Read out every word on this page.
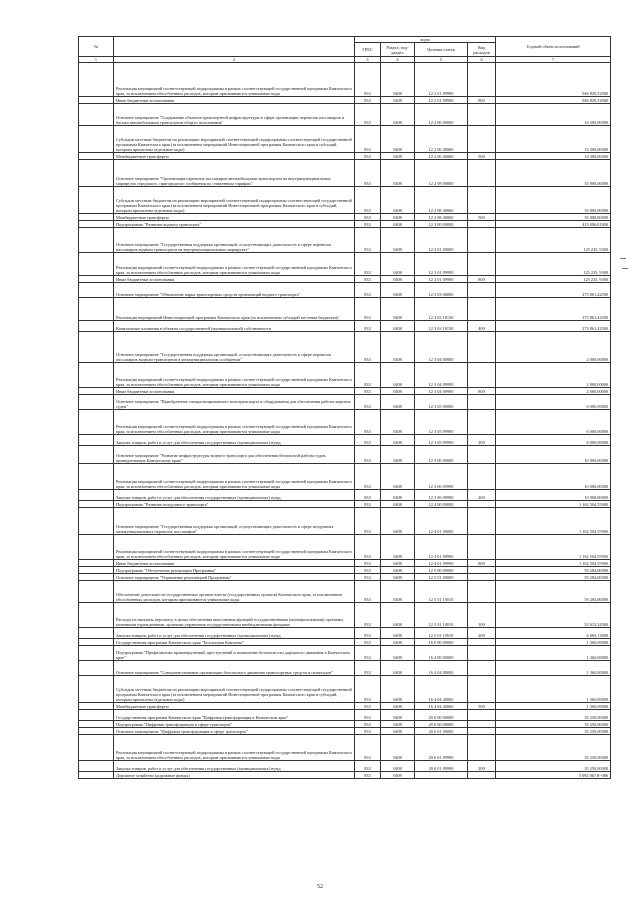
№		коды				Годовой объем ассигнований
		ГРБС	Раздел, под-раздел	Целевая статья	Вид расходов	
1	2	3	4	5	6	7
	Реализация мероприятий соответствующей подпрограммы в рамках соответствующей государственной программы Камчатского края, за исключением обособленных расходов, которым присваиваются уникальные коды	833	0408	12 2 01 09990		946 829,52900
	Иные бюджетные ассигнования	833	0408	12 2 01 09990	800	946 829,52900
	Основное мероприятие "Содержание объектов транспортной инфраструктуры в сфере организации перевозок пассажиров и багажа автомобильным транспортом общего пользования"	833	0408	12 2 06 00000		14 300,00000
	Субсидии местным бюджетам на реализацию мероприятий соответствующей подпрограммы соответствующей государственной программы Камчатского края (за исключением мероприятий Инвестиционной программы Камчатского края и субсидий, которым присвоены отдельные коды)	833	0408	12 2 06 40060		14 300,00000
	Межбюджетные трансферты	833	0408	12 2 06 40060	500	14 300,00000
	Основное мероприятие "Организация перевозок пассажиров автомобильным транспортом на внутримуниципальных маршрутах городского, пригородного сообщения по сниженным тарифам"	833	0408	12 2 08 00000		35 000,00000
	Субсидии местным бюджетам на реализацию мероприятий соответствующей подпрограммы соответствующей государственной программы Камчатского края (за исключением мероприятий Инвестиционной программы Камчатского края и субсидий, которым присвоены отдельные коды)	833	0408	12 2 08 40060		35 000,00000
	Межбюджетные трансферты	833	0408	12 2 08 40060	500	35 000,00000
	Подпрограмма "Развитие водного транспорта"	833	0408	12 3 00 00000		419 096,81800
	Основное мероприятие "Государственная поддержка организаций, осуществляющих деятельность в сфере перевозок пассажиров водным транспортом на внутримуниципальных маршрутах"	833	0408	12 3 01 00000		125 235, 9300
	Реализация мероприятий соответствующей подпрограммы в рамках соответствующей государственной программы Камчатского края, за исключением обособленных расходов, которым присваиваются уникальные коды	833	0408	12 3 01 09990		125 235, 9300
	Иные бюджетные ассигнования	833	0408	12 3 01 09990	800	125 235, 9300
	Основное мероприятие "Обновление парка транспортных средств организаций водного транспорта"	833	0408	12 3 03 00000		273 861,42500
	Реализация мероприятий Инвестиционной программы Камчатского края (за исключением субсидий местным бюджетам)	833	0408	12 3 03 10130		273 861,42500
	Капитальные вложения в объекты государственной (муниципальной) собственности	833	0408	12 3 03 10130	400	273 861,42500
	Основное мероприятие "Государственная поддержка организаций, осуществляющих деятельность в сфере перевозок пассажиров водным транспортом в межмуниципальном сообщении"	833	0408	12 3 04 00000		2 000,00000
	Реализация мероприятий соответствующей подпрограммы в рамках соответствующей государственной программы Камчатского края, за исключением обособленных расходов, которым присваиваются уникальные коды	833	0408	12 3 04 09990		2 000,00000
	Иные бюджетные ассигнования	833	0408	12 3 04 09990	800	2 000,00000
	Основное мероприятие "Приобретение специализированного мототранспорта и оборудования для обеспечения работы морских судов"	833	0408	12 3 05 00000		6 000,00000
	Реализация мероприятий соответствующей подпрограммы в рамках соответствующей государственной программы Камчатского края, за исключением обособленных расходов, которым присваиваются уникальные коды	833	0408	12 3 05 09990		6 000,00000
	Закупка товаров, работ и услуг для обеспечения государственных (муниципальных) нужд	833	0408	12 3 05 09990	200	6 000,00000
	Основное мероприятие "Развитие инфраструктуры водного транспорта для обеспечения безопасной работы судов, принадлежащих Камчатскому краю"	833	0408	12 3 06 00000		10 000,00000
	Реализация мероприятий соответствующей подпрограммы в рамках соответствующей государственной программы Камчатского края, за исключением обособленных расходов, которым присваиваются уникальные коды	833	0408	12 3 06 09990		10 000,00000
	Закупка товаров, работ и услуг для обеспечения государственных (муниципальных) нужд	833	0408	12 3 06 09990	200	10 000,00000
	Подпрограмма "Развитие воздушного транспорта"	833	0408	12 4 00 00000		1 162 504,55900
	Основное мероприятие "Государственная поддержка организаций, осуществляющих деятельность в сфере воздушных межмуниципальных перевозок пассажиров"	833	0408	12 4 01 00000		1 162 504,55900
	Реализация мероприятий соответствующей подпрограммы в рамках соответствующей государственной программы Камчатского края, за исключением обособленных расходов, которым присваиваются уникальные коды	833	0408	12 4 01 09990		1 162 504,55900
	Иные бюджетные ассигнования	833	0408	12 4 01 09990	800	1 162 504,55900
	Подпрограмма "Обеспечение реализации Программы"	833	0408	12 5 00 00000		59 284,00000
	Основное мероприятие "Управление реализацией Программы"	833	0408	12 5 01 00000		59 284,00000
	Обеспечение деятельности государственных органов власти (государственных органов) Камчатского края, за исключением обособленных расходов, которым присваиваются уникальные коды	833	0408	12 5 01 10010		59 284,00000
	Расходы на выплаты персоналу в целях обеспечения выполнения функций государственными (муниципальными) органами, казенными учреждениями, органами управления государственными внебюджетными фондами	833	0408	12 5 01 10010	100	52 615,32000
	Закупка товаров, работ и услуг для обеспечения государственных (муниципальных) нужд	833	0408	12 5 01 10010	200	6 669,13000
	Государственная программа Камчатского края "Безопасная Камчатка"	833	0408	16 0 00 00000		1 360,00000
	Подпрограмма "Профилактика правонарушений, преступлений и повышение безопасности дорожного движения в Камчатском крае"	833	0408	16 4 00 00000		1 360,00000
	Основное мероприятие "Совершенствование организации безопасного движения транспортных средств и пешеходов"	833	0408	16 4 04 00000		1 360,00000
	Субсидии местным бюджетам на реализацию мероприятий соответствующей подпрограммы соответствующей государственной программы Камчатского края (за исключением мероприятий Инвестиционной программы Камчатского края и субсидий, которым присвоены отдельные коды)	833	0408	16 4 04 40060		1 360,00000
	Межбюджетные трансферты	833	0408	16 4 04 40060	500	1 360,00000
	Государственная программа Камчатского края "Цифровая трансформация в Камчатском крае"	833	0408	20 0 00 00000		35 250,00000
	Подпрограмма "Цифровая трансформация в сфере транспорта"	833	0408	20 6 00 00000		35 250,00000
	Основное мероприятие "Цифровая трансформация в сфере транспорта"	833	0408	20 6 01 00000		35 250,00000
	Реализация мероприятий соответствующей подпрограммы в рамках соответствующей государственной программы Камчатского края, за исключением обособленных расходов, которым присваиваются уникальные коды	833	0408	20 6 01 09990		35 250,00000
	Закупка товаров, работ и услуг для обеспечения государственных (муниципальных) нужд	833	0408	20 6 01 09990	200	35 250,00000
	Дорожное хозяйство (дорожные фонды)	833	0409			5 092 067,8~086
52
